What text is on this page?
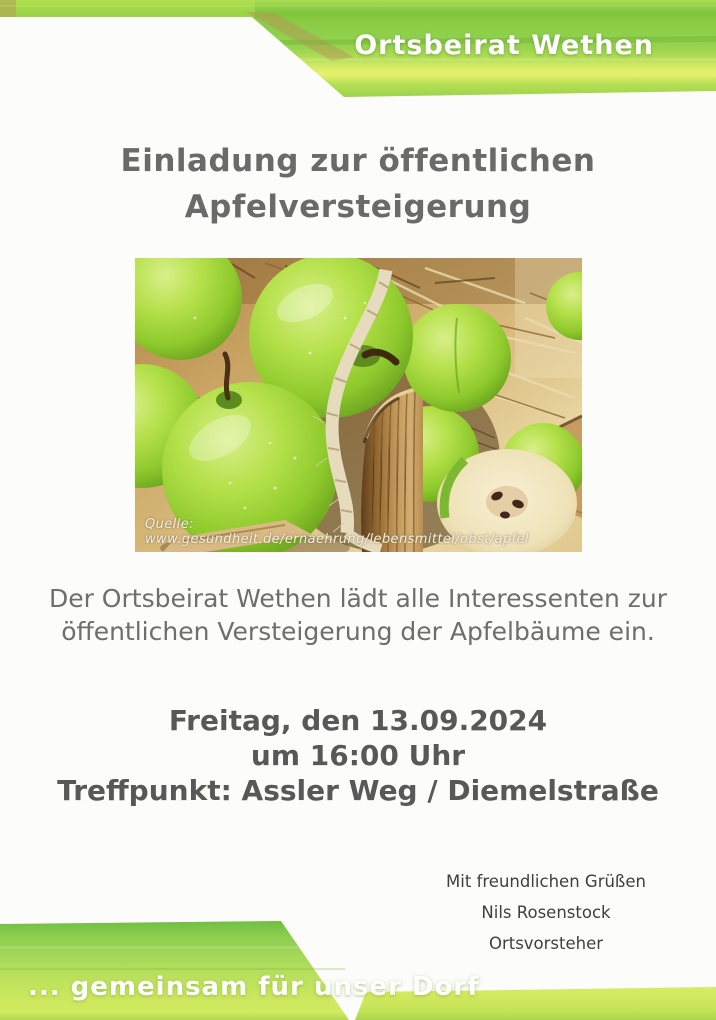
Ortsbeirat Wethen
Einladung zur öffentlichen
Apfelversteigerung
Quelle: www.gesundheit.de/ernaehrung/lebensmittel/obst/apfel
Der Ortsbeirat Wethen lädt alle Interessenten zur
öffentlichen Versteigerung der Apfelbäume ein.
Freitag, den 13.09.2024
um 16:00 Uhr
Treffpunkt: Assler Weg / Diemelstraße
Mit freundlichen Grüßen
Nils Rosenstock
Ortsvorsteher
... gemeinsam für unser Dorf
